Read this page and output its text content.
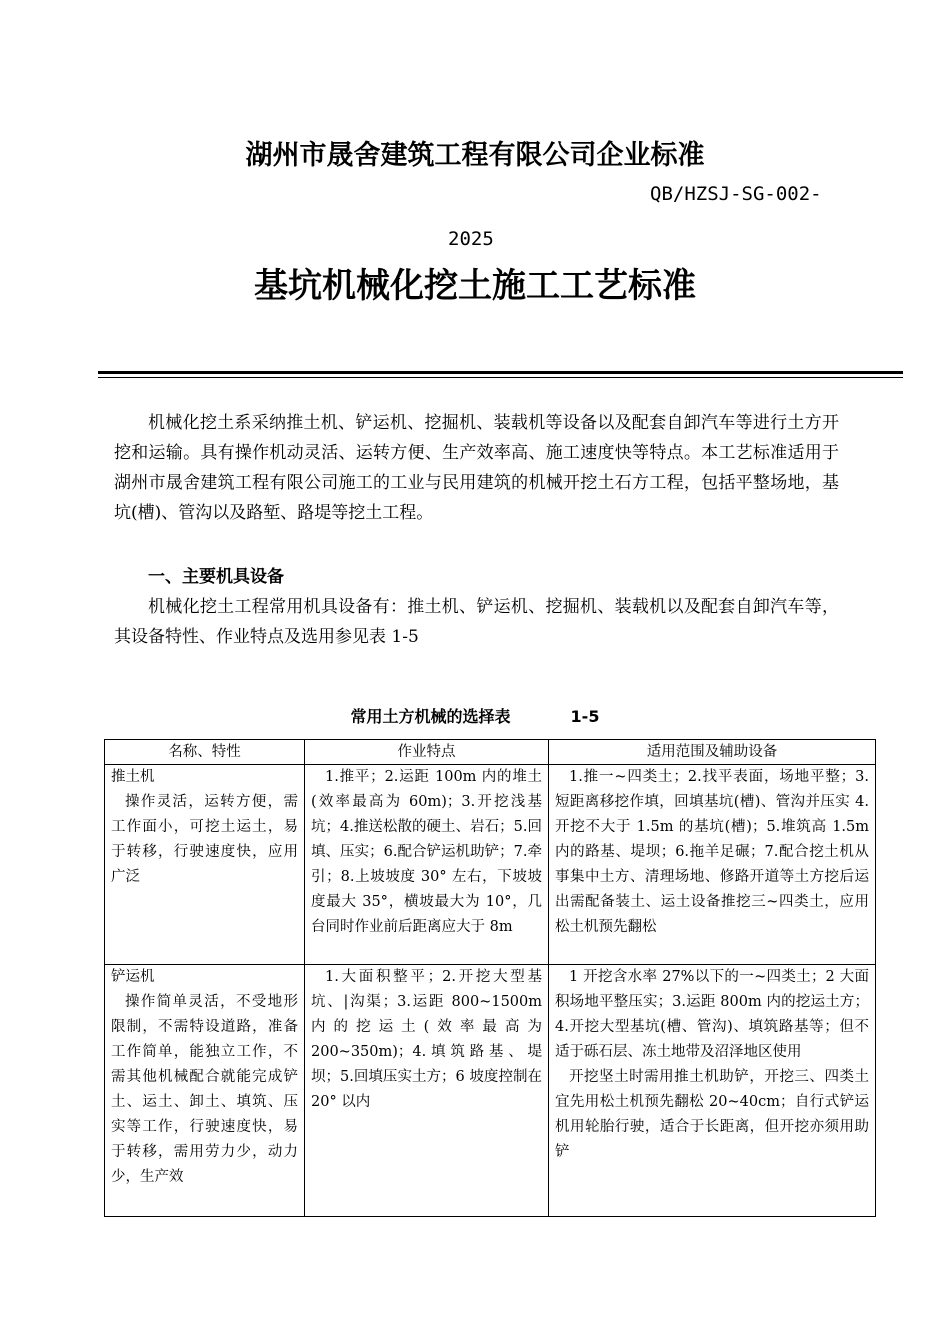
湖州市晟舍建筑工程有限公司企业标准
QB/HZSJ-SG-002-
2025
基坑机械化挖土施工工艺标准
机械化挖土系采纳推土机、铲运机、挖掘机、装载机等设备以及配套自卸汽车等进行土方开挖和运输。具有操作机动灵活、运转方便、生产效率高、施工速度快等特点。本工艺标准适用于湖州市晟舍建筑工程有限公司施工的工业与民用建筑的机械开挖土石方工程，包括平整场地，基坑(槽)、管沟以及路堑、路堤等挖土工程。
一、主要机具设备
机械化挖土工程常用机具设备有：推土机、铲运机、挖掘机、装载机以及配套自卸汽车等，其设备特性、作业特点及选用参见表 1-5
常用土方机械的选择表	1-5
名称、特性	作业特点	适用范围及辅助设备

推土机
操作灵活，运转方便，需工作面小，可挖土运土，易于转移，行驶速度快，应用广泛	1.推平；2.运距 100m 内的堆土(效率最高为 60m)；3.开挖浅基坑；4.推送松散的硬土、岩石；5.回填、压实；6.配合铲运机助铲；7.牵引；8.上坡坡度 30° 左右，下坡坡度最大 35°，横坡最大为 10°，几台同时作业前后距离应大于 8m	1.推一~四类土；2.找平表面，场地平整；3.短距离移挖作填，回填基坑(槽)、管沟并压实 4.开挖不大于 1.5m 的基坑(槽)；5.堆筑高 1.5m 内的路基、堤坝；6.拖羊足碾；7.配合挖土机从事集中土方、清理场地、修路开道等土方挖后运出需配备装土、运土设备推挖三~四类土，应用松土机预先翻松

铲运机
操作简单灵活，不受地形限制，不需特设道路，准备工作简单，能独立工作，不需其他机械配合就能完成铲土、运土、卸土、填筑、压实等工作，行驶速度快，易于转移，需用劳力少，动力少，生产效	1.大面积整平；2.开挖大型基坑、|沟渠；3.运距 800~1500m 内的挖运土(效率最高为 200~350m)；4.填筑路基、堤坝；5.回填压实土方；6 坡度控制在 20° 以内	1 开挖含水率 27%以下的一~四类土；2 大面积场地平整压实；3.运距 800m 内的挖运土方；4.开挖大型基坑(槽、管沟)、填筑路基等；但不适于砾石层、冻土地带及沼泽地区使用
开挖坚土时需用推土机助铲，开挖三、四类土宜先用松土机预先翻松 20~40cm；自行式铲运机用轮胎行驶，适合于长距离，但开挖亦须用助铲
